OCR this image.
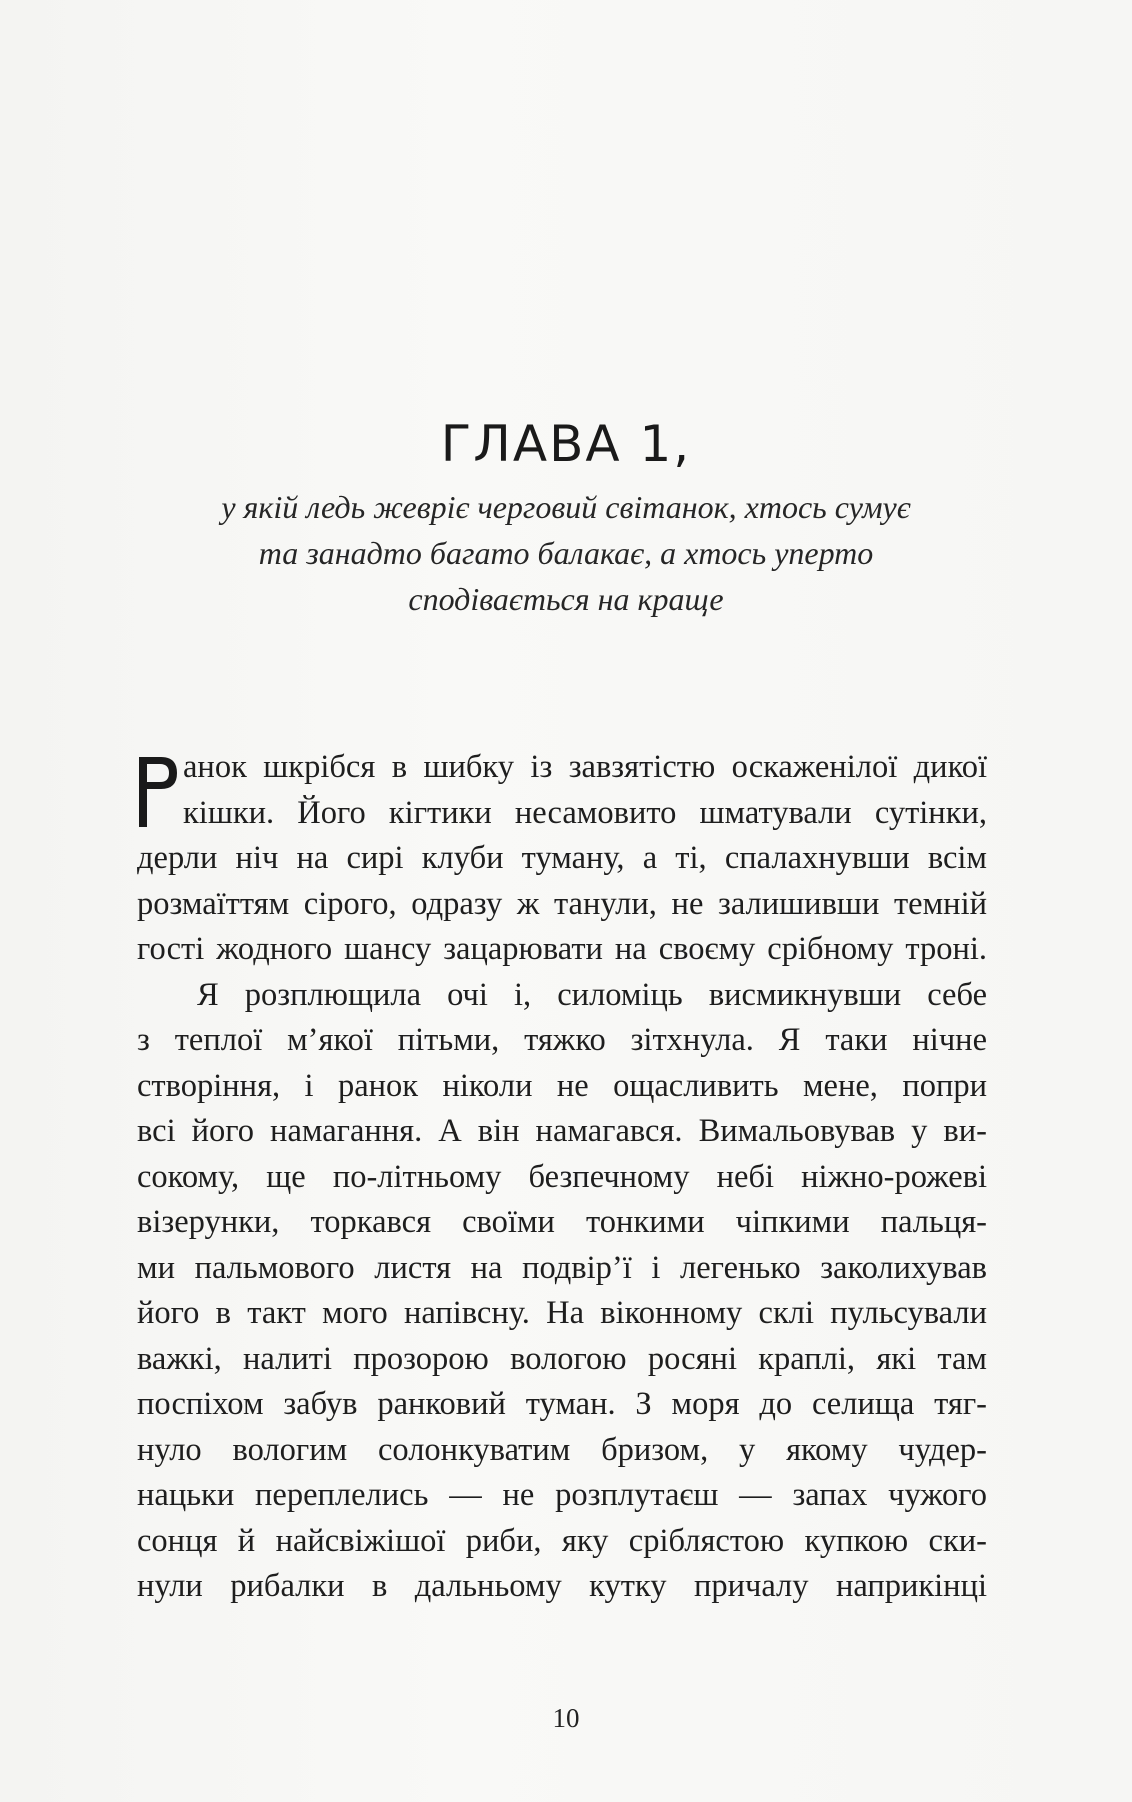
ГЛАВА 1,
у якій ледь жевріє черговий світанок, хтось сумує
та занадто багато балакає, а хтось уперто
сподівається на краще
анок шкрібся в шибку із завзятістю оскаженілої дикої
кішки. Його кігтики несамовито шматували сутінки,
дерли ніч на сирі клуби туману, а ті, спалахнувши всім
розмаїттям сірого, одразу ж танули, не залишивши темній
гості жодного шансу зацарювати на своєму срібному троні.
Я розплющила очі і, силоміць висмикнувши себе
з теплої м’якої пітьми, тяжко зітхнула. Я таки нічне
створіння, і ранок ніколи не ощасливить мене, попри
всі його намагання. А він намагався. Вимальовував у ви-
сокому, ще по-літньому безпечному небі ніжно-рожеві
візерунки, торкався своїми тонкими чіпкими пальця-
ми пальмового листя на подвір’ї і легенько заколихував
його в такт мого напівсну. На віконному склі пульсували
важкі, налиті прозорою вологою росяні краплі, які там
поспіхом забув ранковий туман. З моря до селища тяг-
нуло вологим солонкуватим бризом, у якому чудер-
нацьки переплелись — не розплутаєш — запах чужого
сонця й найсвіжішої риби, яку сріблястою купкою ски-
нули рибалки в дальньому кутку причалу наприкінці
10
